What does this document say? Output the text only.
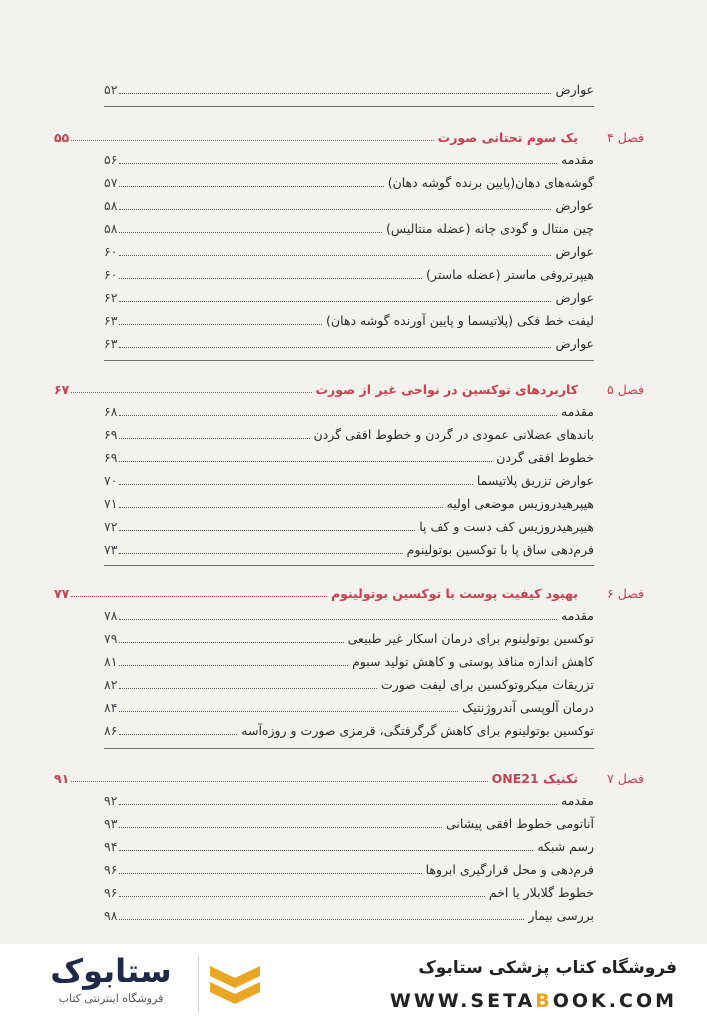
عوارض
۵۲
فصل ۴
یک سوم تحتانی صورت
۵۵
مقدمه
۵۶
گوشه‌های دهان(پایین برنده گوشه دهان)
۵۷
عوارض
۵۸
چین منتال و گودی چانه (عضله منتالیس)
۵۸
عوارض
۶۰
هیپرتروفی ماستر (عضله ماستر)
۶۰
عوارض
۶۲
لیفت خط فکی (پلاتیسما و پایین آورنده گوشه دهان)
۶۳
عوارض
۶۳
فصل ۵
کاربردهای توکسین در نواحی غیر از صورت
۶۷
مقدمه
۶۸
باندهای عضلانی عمودی در گردن و خطوط افقی گردن
۶۹
خطوط افقی گردن
۶۹
عوارض تزریق پلاتیسما
۷۰
هیپرهیدروزیس موضعی اولیه
۷۱
هیپرهیدروزیس کف دست و کف پا
۷۲
فرم‌دهی ساق پا با توکسین بوتولینوم
۷۳
فصل ۶
بهبود کیفیت پوست با توکسین بوتولینوم
۷۷
مقدمه
۷۸
توکسین بوتولینوم برای درمان اسکار غیر طبیعی
۷۹
کاهش اندازه منافذ پوستی و کاهش تولید سبوم
۸۱
تزریقات میکروتوکسین برای لیفت صورت
۸۲
درمان آلوپسی آندروژنتیک
۸۴
توکسین بوتولینوم برای کاهش گرگرفتگی، قرمزی صورت و روزه‌آسه
۸۶
فصل ۷
تکنیک ONE21
۹۱
مقدمه
۹۲
آناتومی خطوط افقی پیشانی
۹۳
رسم شبکه
۹۴
فرم‌دهی و محل قرارگیری ابروها
۹۶
خطوط گلابلار یا اخم
۹۶
بررسی بیمار
۹۸
فروشگاه کتاب پزشکی ستابوک
WWW.SETABOOK.COM
ستابوک
فروشگاه اینترنتی کتاب
